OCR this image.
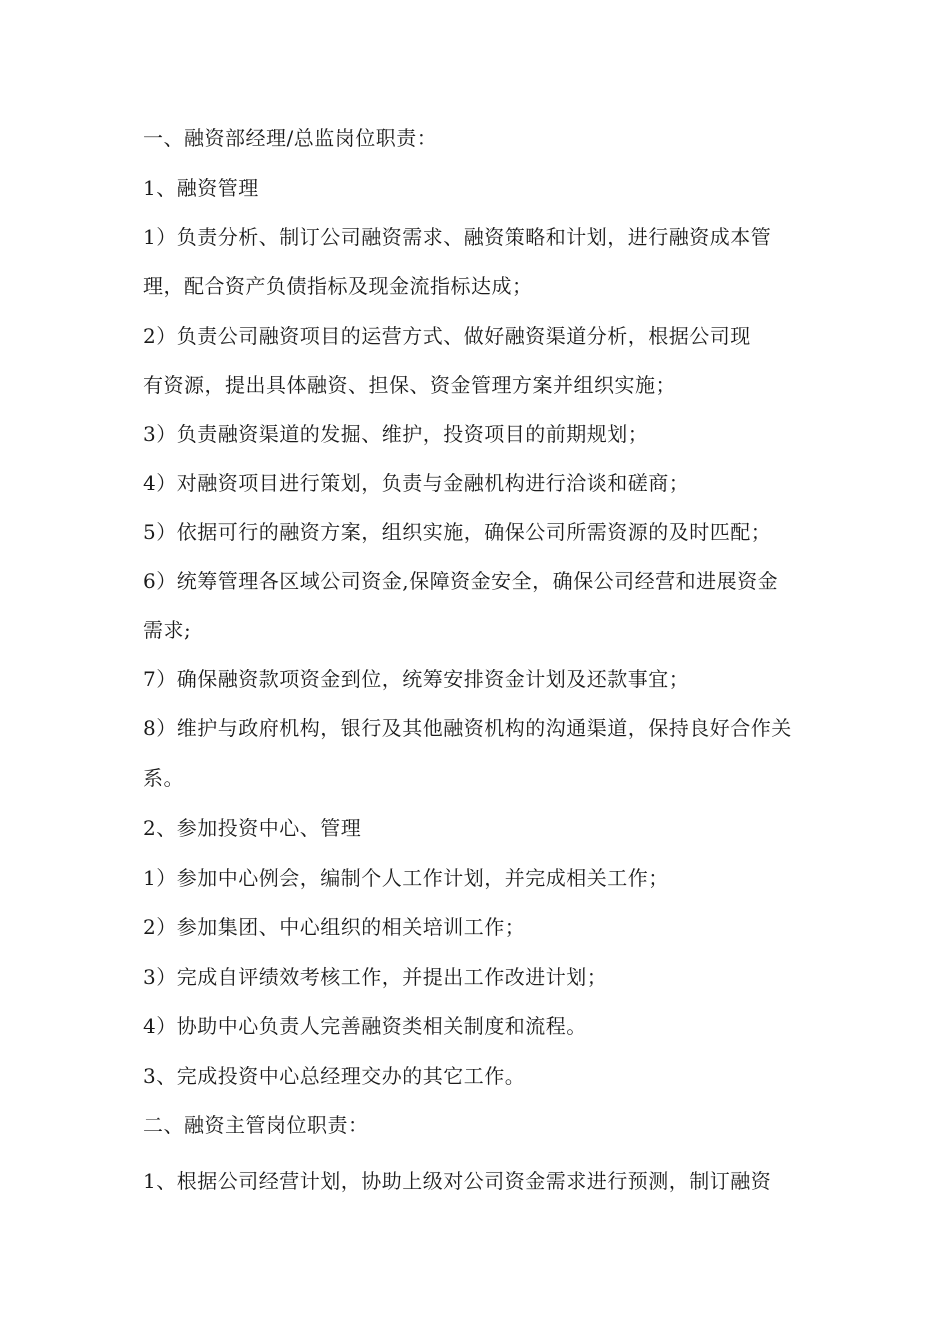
一、融资部经理/总监岗位职责：
1、融资管理
1）负责分析、制订公司融资需求、融资策略和计划，进行融资成本管
理，配合资产负债指标及现金流指标达成；
2）负责公司融资项目的运营方式、做好融资渠道分析，根据公司现
有资源，提出具体融资、担保、资金管理方案并组织实施；
3）负责融资渠道的发掘、维护，投资项目的前期规划；
4）对融资项目进行策划，负责与金融机构进行洽谈和磋商；
5）依据可行的融资方案，组织实施，确保公司所需资源的及时匹配；
6）统筹管理各区域公司资金,保障资金安全，确保公司经营和进展资金
需求;
7）确保融资款项资金到位，统筹安排资金计划及还款事宜；
8）维护与政府机构，银行及其他融资机构的沟通渠道，保持良好合作关
系。
2、参加投资中心、管理
1）参加中心例会，编制个人工作计划，并完成相关工作；
2）参加集团、中心组织的相关培训工作；
3）完成自评绩效考核工作，并提出工作改进计划；
4）协助中心负责人完善融资类相关制度和流程。
3、完成投资中心总经理交办的其它工作。
二、融资主管岗位职责：
1、根据公司经营计划，协助上级对公司资金需求进行预测，制订融资
